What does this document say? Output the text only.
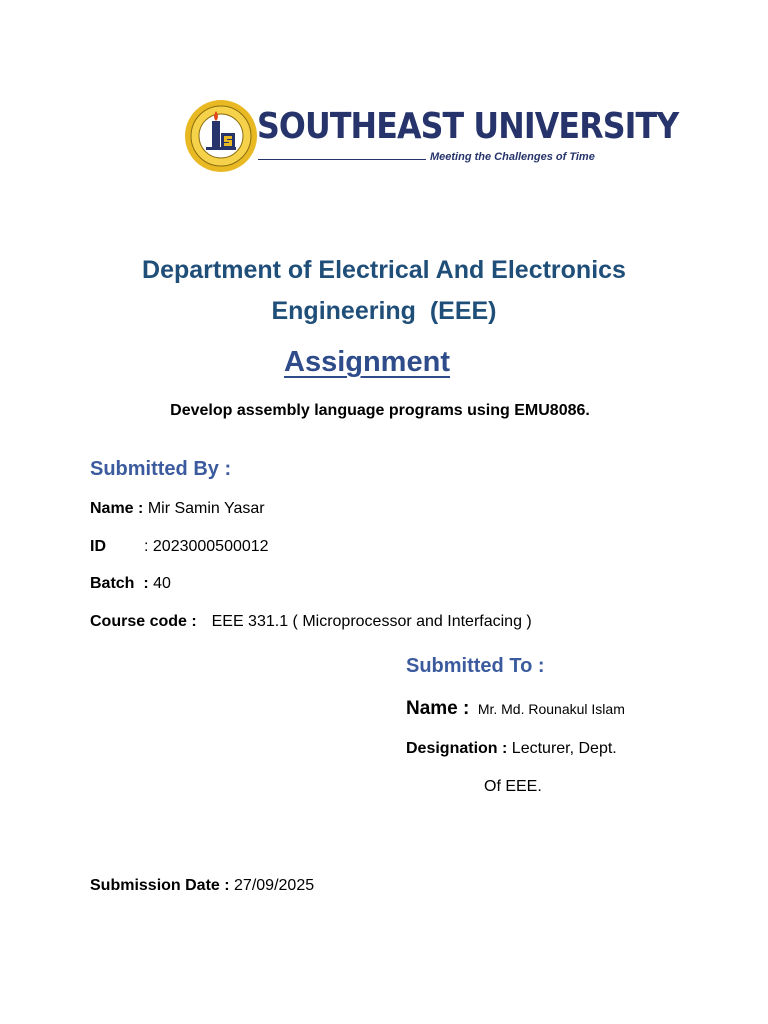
SOUTHEAST UNIVERSITY
Meeting the Challenges of Time
Department of Electrical And Electronics
Engineering  (EEE)
Assignment
Develop assembly language programs using EMU8086.
Submitted By :
Name : Mir Samin Yasar
ID : 2023000500012
Batch  : 40
Course code : EEE 331.1 ( Microprocessor and Interfacing )
Submitted To :
Name : Mr. Md. Rounakul Islam
Designation : Lecturer, Dept.
Of EEE.
Submission Date : 27/09/2025
